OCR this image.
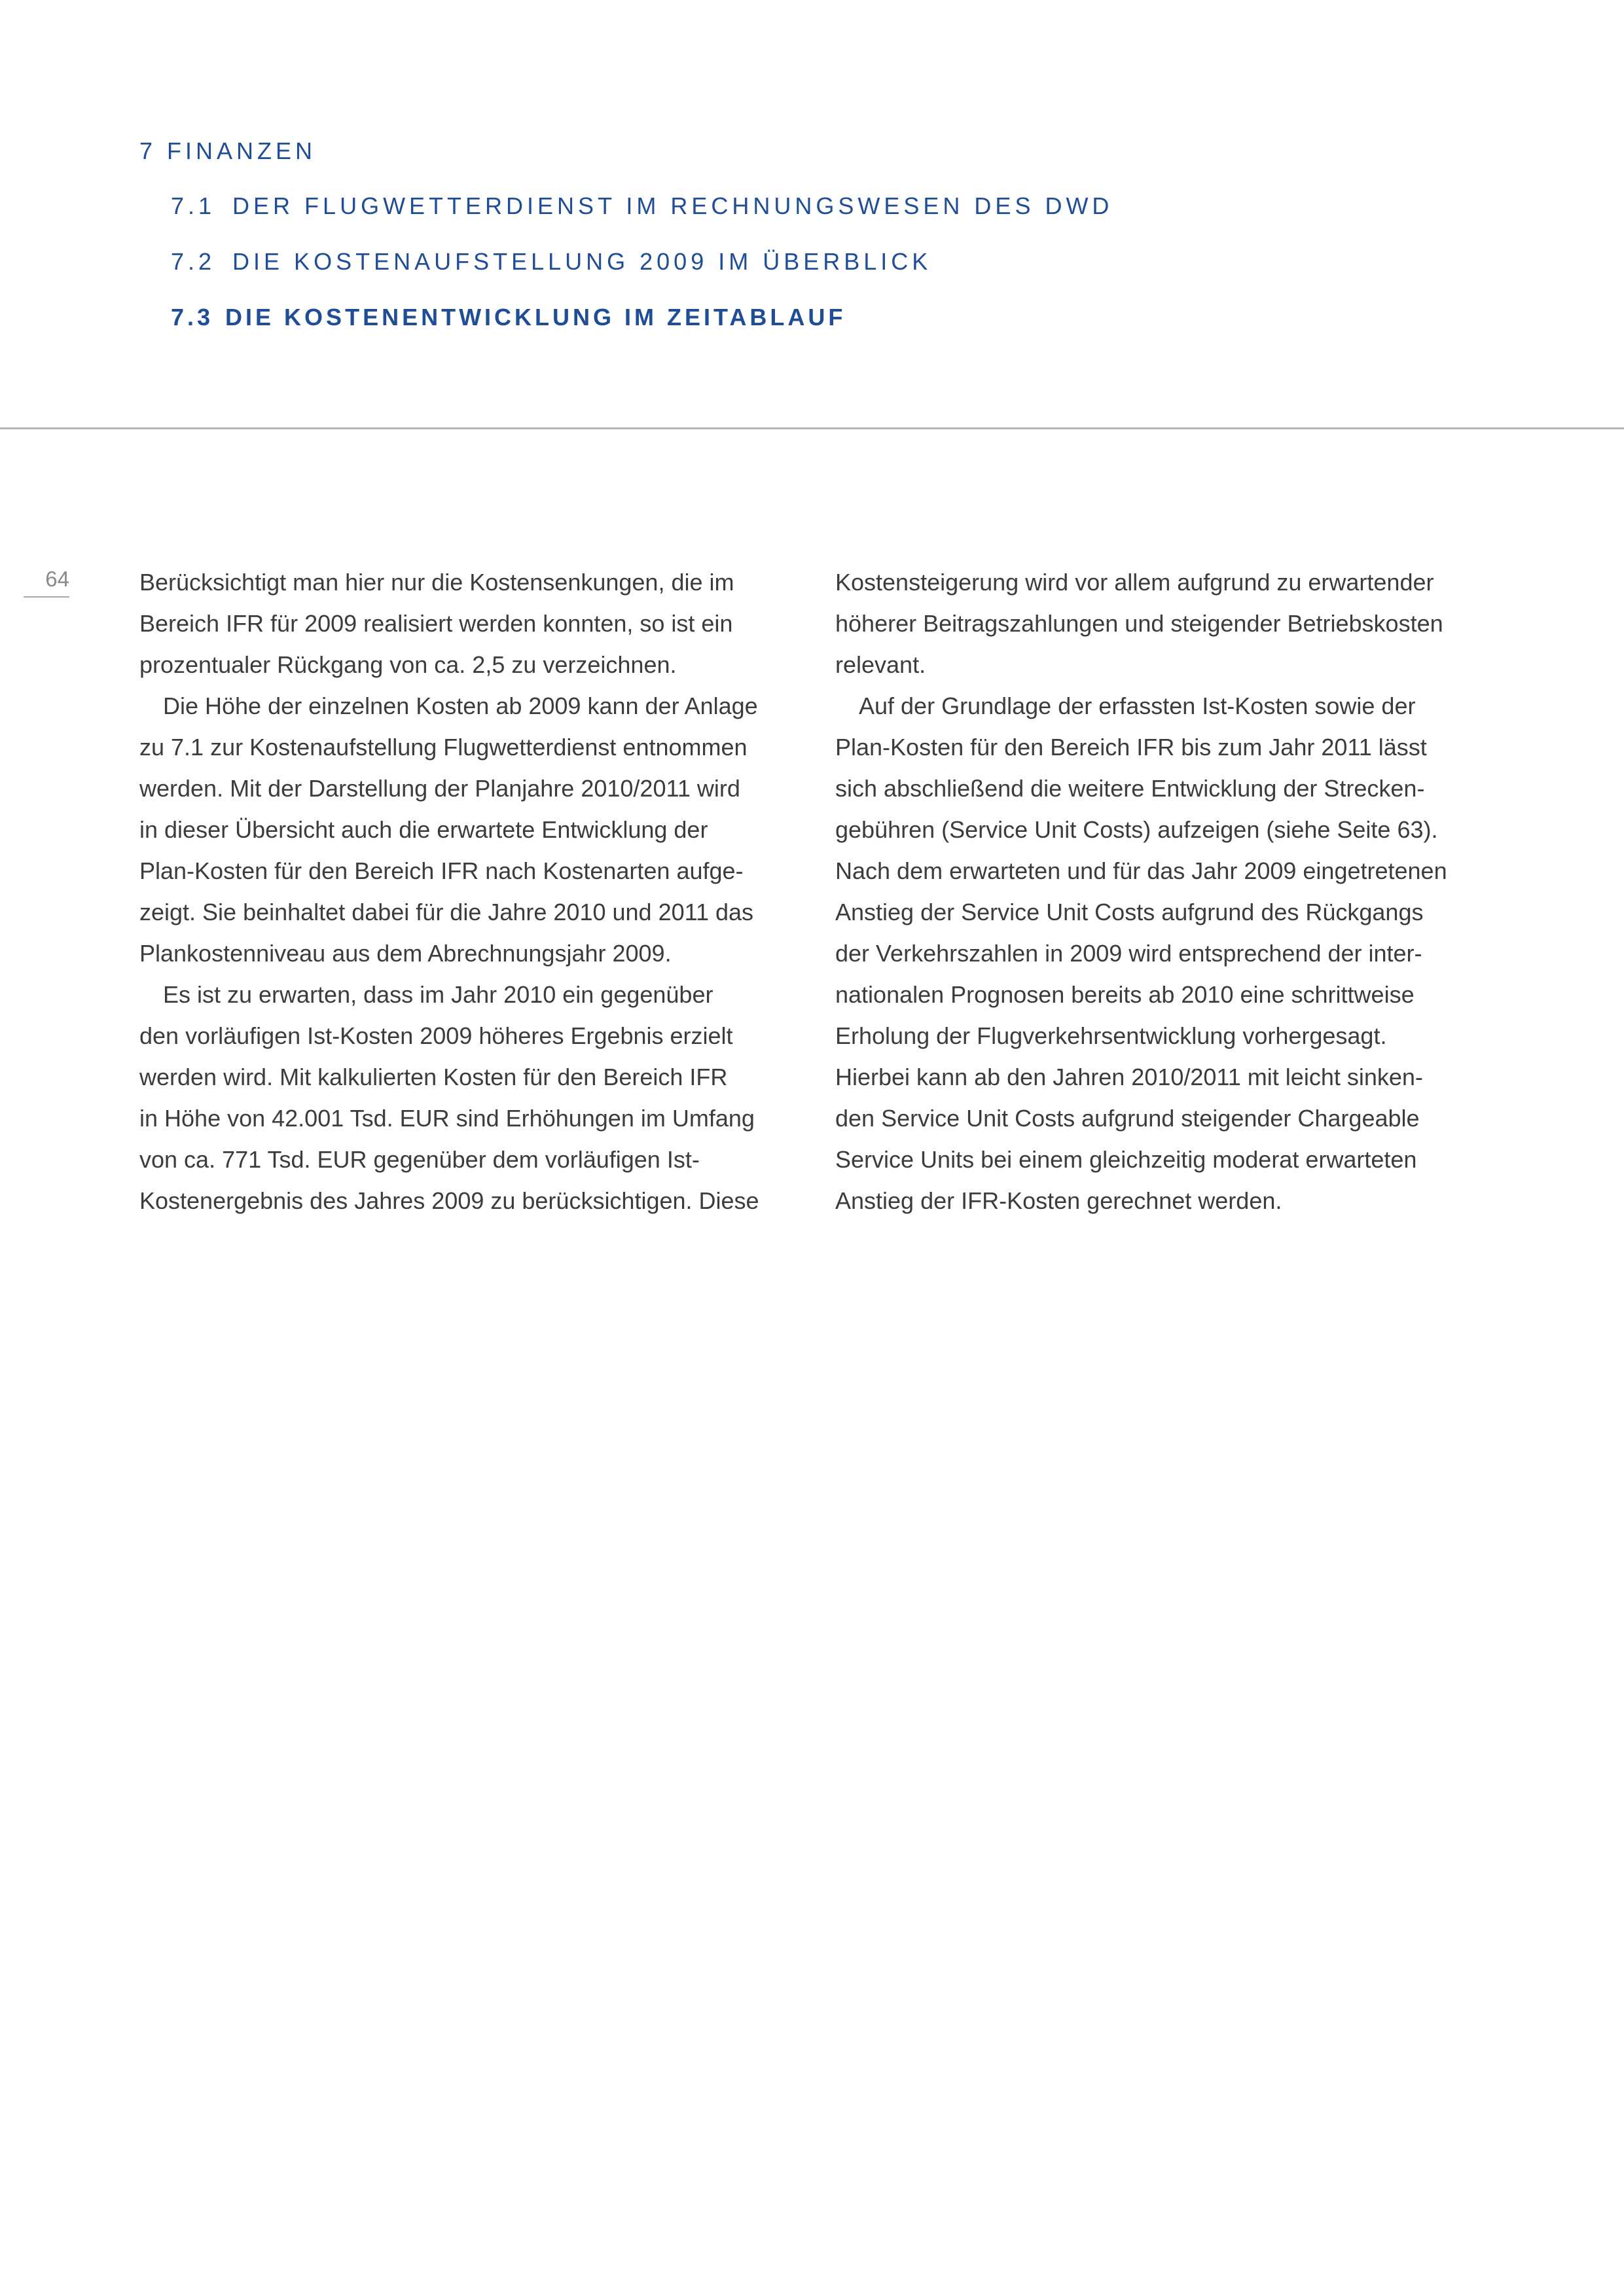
7 FINANZEN
7.1 DER FLUGWETTERDIENST IM RECHNUNGSWESEN DES DWD
7.2 DIE KOSTENAUFSTELLUNG 2009 IM ÜBERBLICK
7.3 DIE KOSTENENTWICKLUNG IM ZEITABLAUF
64	Berücksichtigt man hier nur die Kostensenkungen, die im
Bereich IFR für 2009 realisiert werden konnten, so ist ein
prozentualer Rückgang von ca. 2,5 zu verzeichnen.
Die Höhe der einzelnen Kosten ab 2009 kann der Anlage
zu 7.1 zur Kostenaufstellung Flugwetterdienst entnommen
werden. Mit der Darstellung der Planjahre 2010/2011 wird
in dieser Übersicht auch die erwartete Entwicklung der
Plan-Kosten für den Bereich IFR nach Kostenarten aufge-
zeigt. Sie beinhaltet dabei für die Jahre 2010 und 2011 das
Plankostenniveau aus dem Abrechnungsjahr 2009.
Es ist zu erwarten, dass im Jahr 2010 ein gegenüber
den vorläufigen Ist-Kosten 2009 höheres Ergebnis erzielt
werden wird. Mit kalkulierten Kosten für den Bereich IFR
in Höhe von 42.001 Tsd. EUR sind Erhöhungen im Umfang
von ca. 771 Tsd. EUR gegenüber dem vorläufigen Ist-
Kostenergebnis des Jahres 2009 zu berücksichtigen. Diese
Kostensteigerung wird vor allem aufgrund zu erwartender
höherer Beitragszahlungen und steigender Betriebskosten
relevant.
Auf der Grundlage der erfassten Ist-Kosten sowie der
Plan-Kosten für den Bereich IFR bis zum Jahr 2011 lässt
sich abschließend die weitere Entwicklung der Strecken-
gebühren (Service Unit Costs) aufzeigen (siehe Seite 63).
Nach dem erwarteten und für das Jahr 2009 eingetretenen
Anstieg der Service Unit Costs aufgrund des Rückgangs
der Verkehrszahlen in 2009 wird entsprechend der inter-
nationalen Prognosen bereits ab 2010 eine schrittweise
Erholung der Flugverkehrsentwicklung vorhergesagt.
Hierbei kann ab den Jahren 2010/2011 mit leicht sinken-
den Service Unit Costs aufgrund steigender Chargeable
Service Units bei einem gleichzeitig moderat erwarteten
Anstieg der IFR-Kosten gerechnet werden.
